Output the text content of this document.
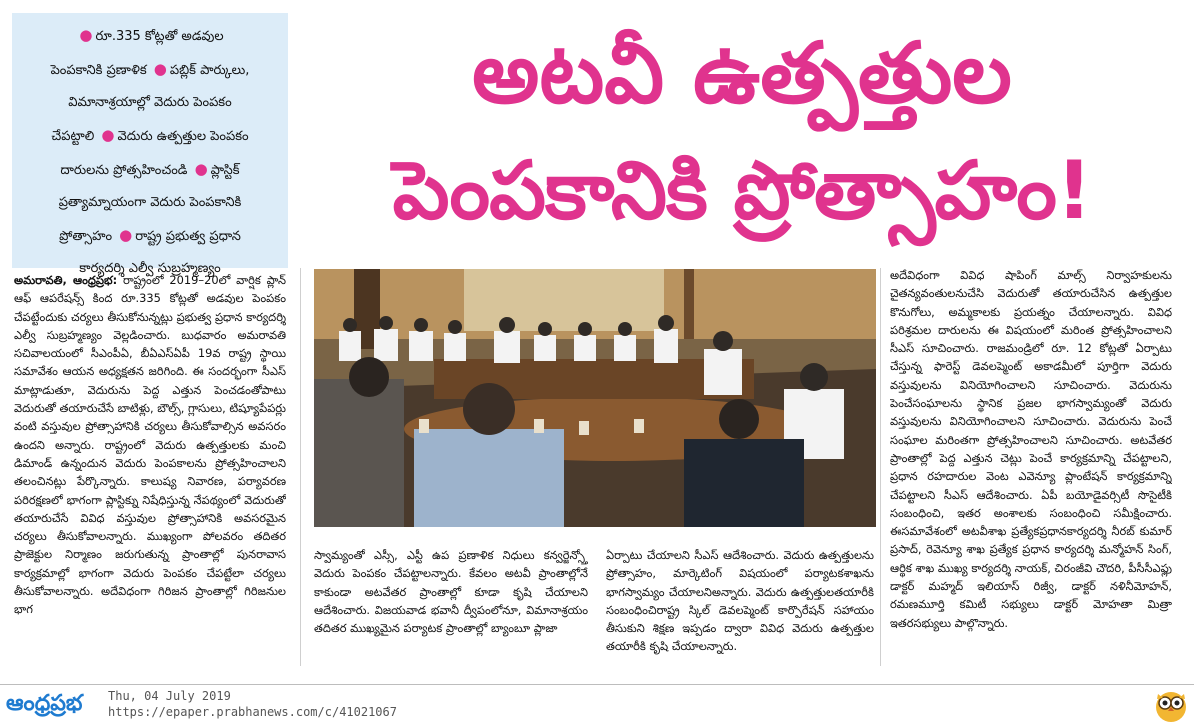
● రూ.335 కోట్లతో అడవుల
పెంపకానికి ప్రణాళిక ● పబ్లిక్ పార్కులు,
విమానాశ్రయాల్లో వెదురు పెంపకం
చేపట్టాలి ● వెదురు ఉత్పత్తుల పెంపకం
దారులను ప్రోత్సహించండి ● ప్లాస్టిక్
ప్రత్యామ్నాయంగా వెదురు పెంపకానికి
ప్రోత్సాహం ● రాష్ట్ర ప్రభుత్వ ప్రధాన
కార్యదర్శి ఎల్వీ సుబ్రహ్మణ్యం
అటవీ ఉత్పత్తుల
పెంపకానికి ప్రోత్సాహం!
అమరావతి, ఆంధ్రప్రభ: రాష్ట్రంలో 2019–20లో వార్షిక ప్లాన్ ఆఫ్ ఆపరేషన్స్ కింద రూ.335 కోట్లతో అడవుల పెంపకం చేపట్టేందుకు చర్యలు తీసుకోనున్నట్లు ప్రభుత్వ ప్రధాన కార్యదర్శి ఎల్వీ సుబ్రహ్మణ్యం వెల్లడించారు. బుధవారం అమరావతి సచివాలయంలో సీఎంపీఏ, బీఏఎస్ఏపీ 19వ రాష్ట్ర స్థాయి సమావేశం ఆయన అధ్యక్షతన జరిగింది. ఈ సందర్భంగా సీఎస్ మాట్లాడుతూ, వెదురును పెద్ద ఎత్తున పెంచడంతోపాటు వెదురుతో తయారుచేసే బాటిళ్లు, బౌల్స్, గ్లాసులు, టిష్యూపేపర్లు వంటి వస్తువుల ప్రోత్సాహానికి చర్యలు తీసుకోవాల్సిన అవసరం ఉందని అన్నారు. రాష్ట్రంలో వెదురు ఉత్పత్తులకు మంచి డిమాండ్ ఉన్నందున వెదురు పెంపకాలను ప్రోత్సహించాలని తలంచినట్లు పేర్కొన్నారు. కాలుష్య నివారణ, పర్యావరణ పరిరక్షణలో భాగంగా ప్లాస్టిక్ను నిషేధిస్తున్న నేపథ్యంలో వెదురుతో తయారుచేసే వివిధ వస్తువుల ప్రోత్సాహానికి అవసరమైన చర్యలు తీసుకోవాలన్నారు. ముఖ్యంగా పోలవరం తదితర ప్రాజెక్టుల నిర్మాణం జరుగుతున్న ప్రాంతాల్లో పునరావాస కార్యక్రమాల్లో భాగంగా వెదురు పెంపకం చేపట్టేలా చర్యలు తీసుకోవాలన్నారు. అదేవిధంగా గిరిజన ప్రాంతాల్లో గిరిజనుల భాగ
స్వామ్యంతో ఎస్సీ, ఎస్టీ ఉప ప్రణాళిక నిధులు కన్వర్జెన్స్తో వెదురు పెంపకం చేపట్టాలన్నారు. కేవలం అటవీ ప్రాంతాల్లోనే కాకుండా అటవేతర ప్రాంతాల్లో కూడా కృషి చేయాలని ఆదేశించారు. విజయవాడ భవానీ ద్వీపంలోనూ, విమానాశ్రయం తదితర ముఖ్యమైన పర్యాటక ప్రాంతాల్లో బ్యాంబూ ప్లాజా
ఏర్పాటు చేయాలని సీఎస్ ఆదేశించారు. వెదురు ఉత్పత్తులను ప్రోత్సాహం, మార్కెటింగ్ విషయంలో పర్యాటకశాఖను భాగస్వామ్యం చేయాలనిఅన్నారు. వెదురు ఉత్పత్తులతయారీకి సంబంధించిరాష్ట్ర స్కిల్ డెవలప్మెంట్ కార్పొరేషన్ సహాయం తీసుకుని శిక్షణ ఇప్పడం ద్వారా వివిధ వెదురు ఉత్పత్తుల తయారీకి కృషి చేయాలన్నారు.
అదేవిధంగా వివిధ షాపింగ్ మాల్స్ నిర్వాహకులను చైతన్యవంతులనుచేసి వెదురుతో తయారుచేసిన ఉత్పత్తుల కొనుగోలు, అమ్మకాలకు ప్రయత్నం చేయాలన్నారు. వివిధ పరిశ్రమల దారులను ఈ విషయంలో మరింత ప్రోత్సహించాలని సీఎస్ సూచించారు. రాజమండ్రిలో రూ. 12 కోట్లతో ఏర్పాటు చేస్తున్న ఫారెస్ట్ డెవలప్మెంట్ అకాడమీలో పూర్తిగా వెదురు వస్తువులను వినియోగించాలని సూచించారు. వెదురును పెంచేసంఘాలను స్థానిక ప్రజల భాగస్వామ్యంతో వెదురు వస్తువులను వినియోగించాలని సూచించారు. వెదురును పెంచే సంఘాల మరింతగా ప్రోత్సహించాలని సూచించారు. అటవేతర ప్రాంతాల్లో పెద్ద ఎత్తున చెట్లు పెంచే కార్యక్రమాన్ని చేపట్టాలని, ప్రధాన రహదారుల వెంట ఎవెన్యూ ప్లాంటేషన్ కార్యక్రమాన్ని చేపట్టాలని సీఎస్ ఆదేశించారు. ఏపీ బయోడైవర్సిటీ సొసైటీకి సంబంధించి, ఇతర అంశాలకు సంబంధించి సమీక్షించారు. ఈసమావేశంలో అటవీశాఖ ప్రత్యేకప్రధానకార్యదర్శి నీరబ్ కుమార్ ప్రసాద్, రెవెన్యూ శాఖ ప్రత్యేక ప్రధాన కార్యదర్శి మన్మోహన్ సింగ్, ఆర్థిక శాఖ ముఖ్య కార్యదర్శి నాయక్, చిరంజీవి చౌదరి, పీసీసీఎఫ్లు డాక్టర్ మహ్మద్ ఇలియాస్ రిజ్వీ, డాక్టర్ నళినీమోహన్, రమణమూర్తి కమిటీ సభ్యులు డాక్టర్ మోహతా మిత్రా ఇతరసభ్యులు పాల్గొన్నారు.
ఆంధ్రప్రభ	Thu, 04 July 2019
https://epaper.prabhanews.com/c/41021067
